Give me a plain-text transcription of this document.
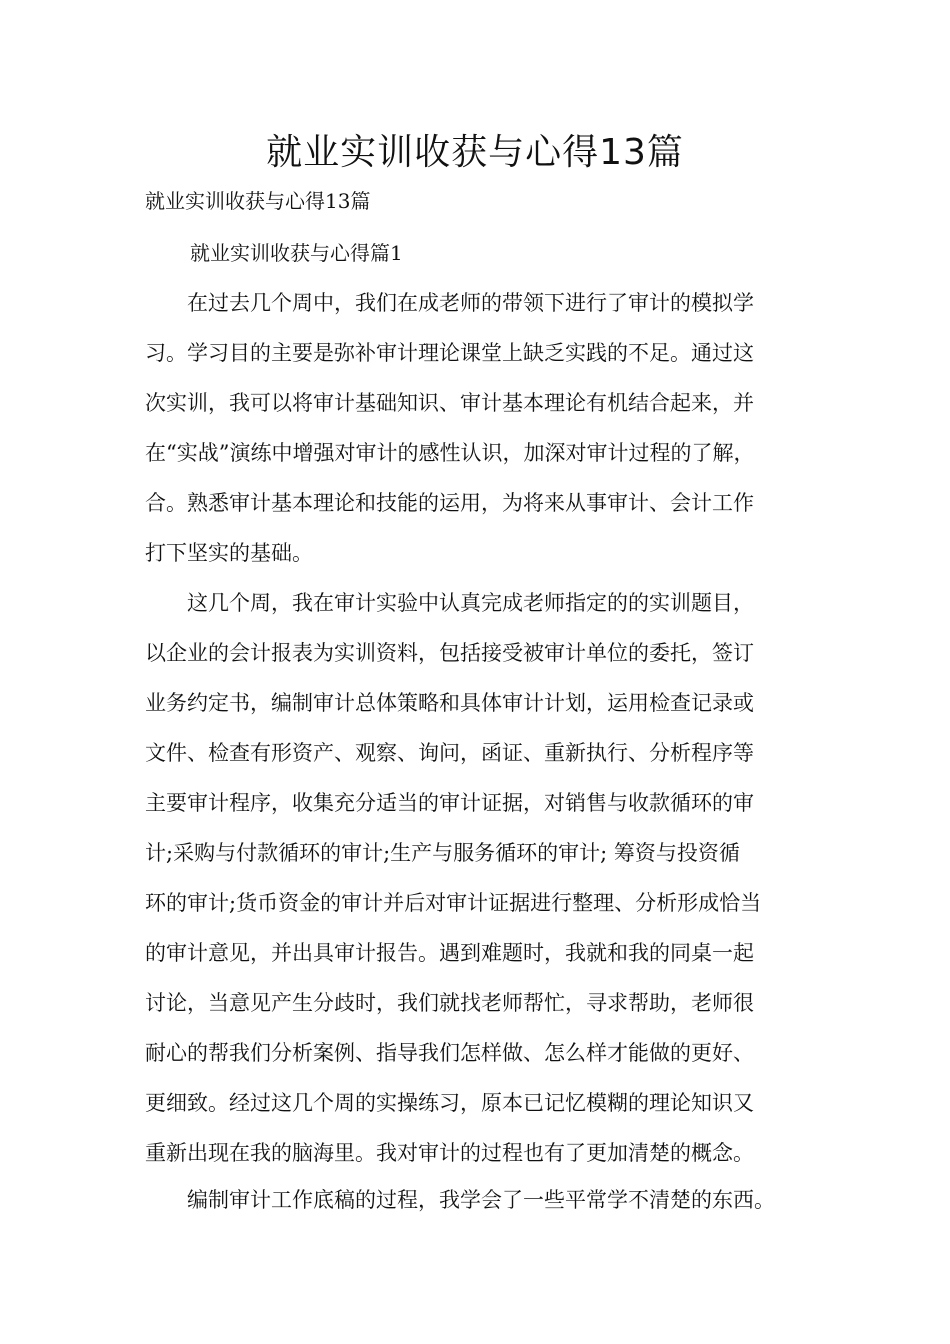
就业实训收获与心得13篇
就业实训收获与心得13篇
就业实训收获与心得篇1
　　在过去几个周中，我们在成老师的带领下进行了审计的模拟学
习。学习目的主要是弥补审计理论课堂上缺乏实践的不足。通过这
次实训，我可以将审计基础知识、审计基本理论有机结合起来，并
在“实战”演练中增强对审计的感性认识，加深对审计过程的了解，
合。熟悉审计基本理论和技能的运用，为将来从事审计、会计工作
打下坚实的基础。
　　这几个周，我在审计实验中认真完成老师指定的的实训题目，
以企业的会计报表为实训资料，包括接受被审计单位的委托，签订
业务约定书，编制审计总体策略和具体审计计划，运用检查记录或
文件、检查有形资产、观察、询问，函证、重新执行、分析程序等
主要审计程序，收集充分适当的审计证据，对销售与收款循环的审
计;采购与付款循环的审计;生产与服务循环的审计; 筹资与投资循
环的审计;货币资金的审计并后对审计证据进行整理、分析形成恰当
的审计意见，并出具审计报告。遇到难题时，我就和我的同桌一起
讨论，当意见产生分歧时，我们就找老师帮忙，寻求帮助，老师很
耐心的帮我们分析案例、指导我们怎样做、怎么样才能做的更好、
更细致。经过这几个周的实操练习，原本已记忆模糊的理论知识又
重新出现在我的脑海里。我对审计的过程也有了更加清楚的概念。
　　编制审计工作底稿的过程，我学会了一些平常学不清楚的东西。
